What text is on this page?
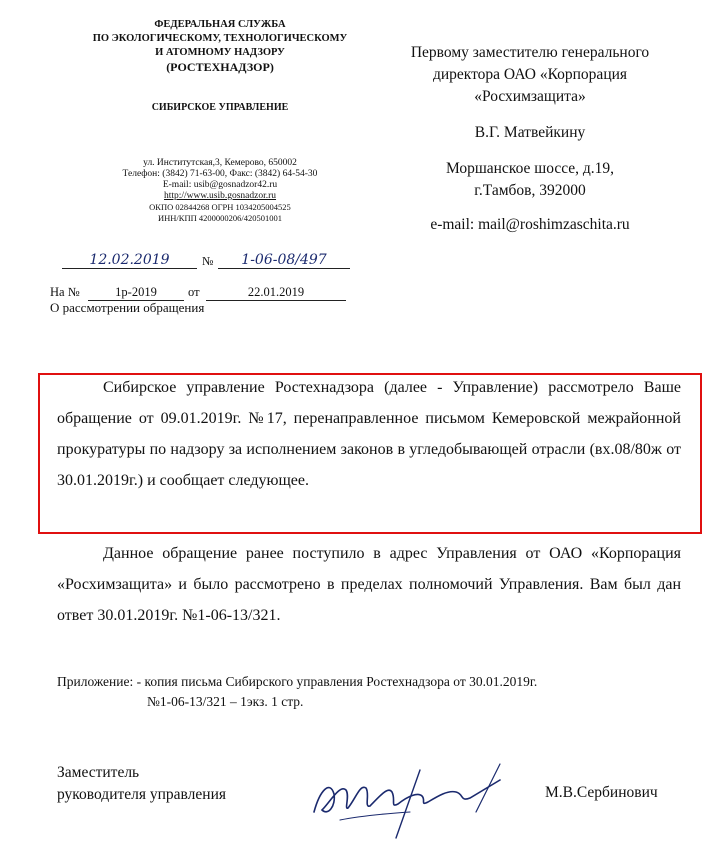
ФЕДЕРАЛЬНАЯ СЛУЖБА
ПО ЭКОЛОГИЧЕСКОМУ, ТЕХНОЛОГИЧЕСКОМУ
И АТОМНОМУ НАДЗОРУ
(РОСТЕХНАДЗОР)
СИБИРСКОЕ УПРАВЛЕНИЕ
ул. Институтская,3, Кемерово, 650002
Телефон: (3842) 71-63-00, Факс: (3842) 64-54-30
E-mail: usib@gosnadzor42.ru
http://www.usib.gosnadzor.ru
ОКПО 02844268 ОГРН 1034205004525
ИНН/КПП 4200000206/420501001
12.02.2019	№	1-06-08/497
На №	1р-2019	от	22.01.2019
О рассмотрении обращения
Первому заместителю генерального
директора ОАО «Корпорация
«Росхимзащита»
В.Г. Матвейкину
Моршанское шоссе, д.19,
г.Тамбов, 392000
e-mail: mail@roshimzaschita.ru
Сибирское управление Ростехнадзора (далее - Управление) рассмотрело Ваше обращение от 09.01.2019г. №17, перенаправленное письмом Кемеровской межрайонной прокуратуры по надзору за исполнением законов в угледобывающей отрасли (вх.08/80ж от 30.01.2019г.) и сообщает следующее.
Данное обращение ранее поступило в адрес Управления от ОАО «Корпорация «Росхимзащита» и было рассмотрено в пределах полномочий Управления. Вам был дан ответ 30.01.2019г. №1-06-13/321.
Приложение: - копия письма Сибирского управления Ростехнадзора от 30.01.2019г.
№1-06-13/321 – 1экз. 1 стр.
Заместитель
руководителя управления	М.В.Сербинович
